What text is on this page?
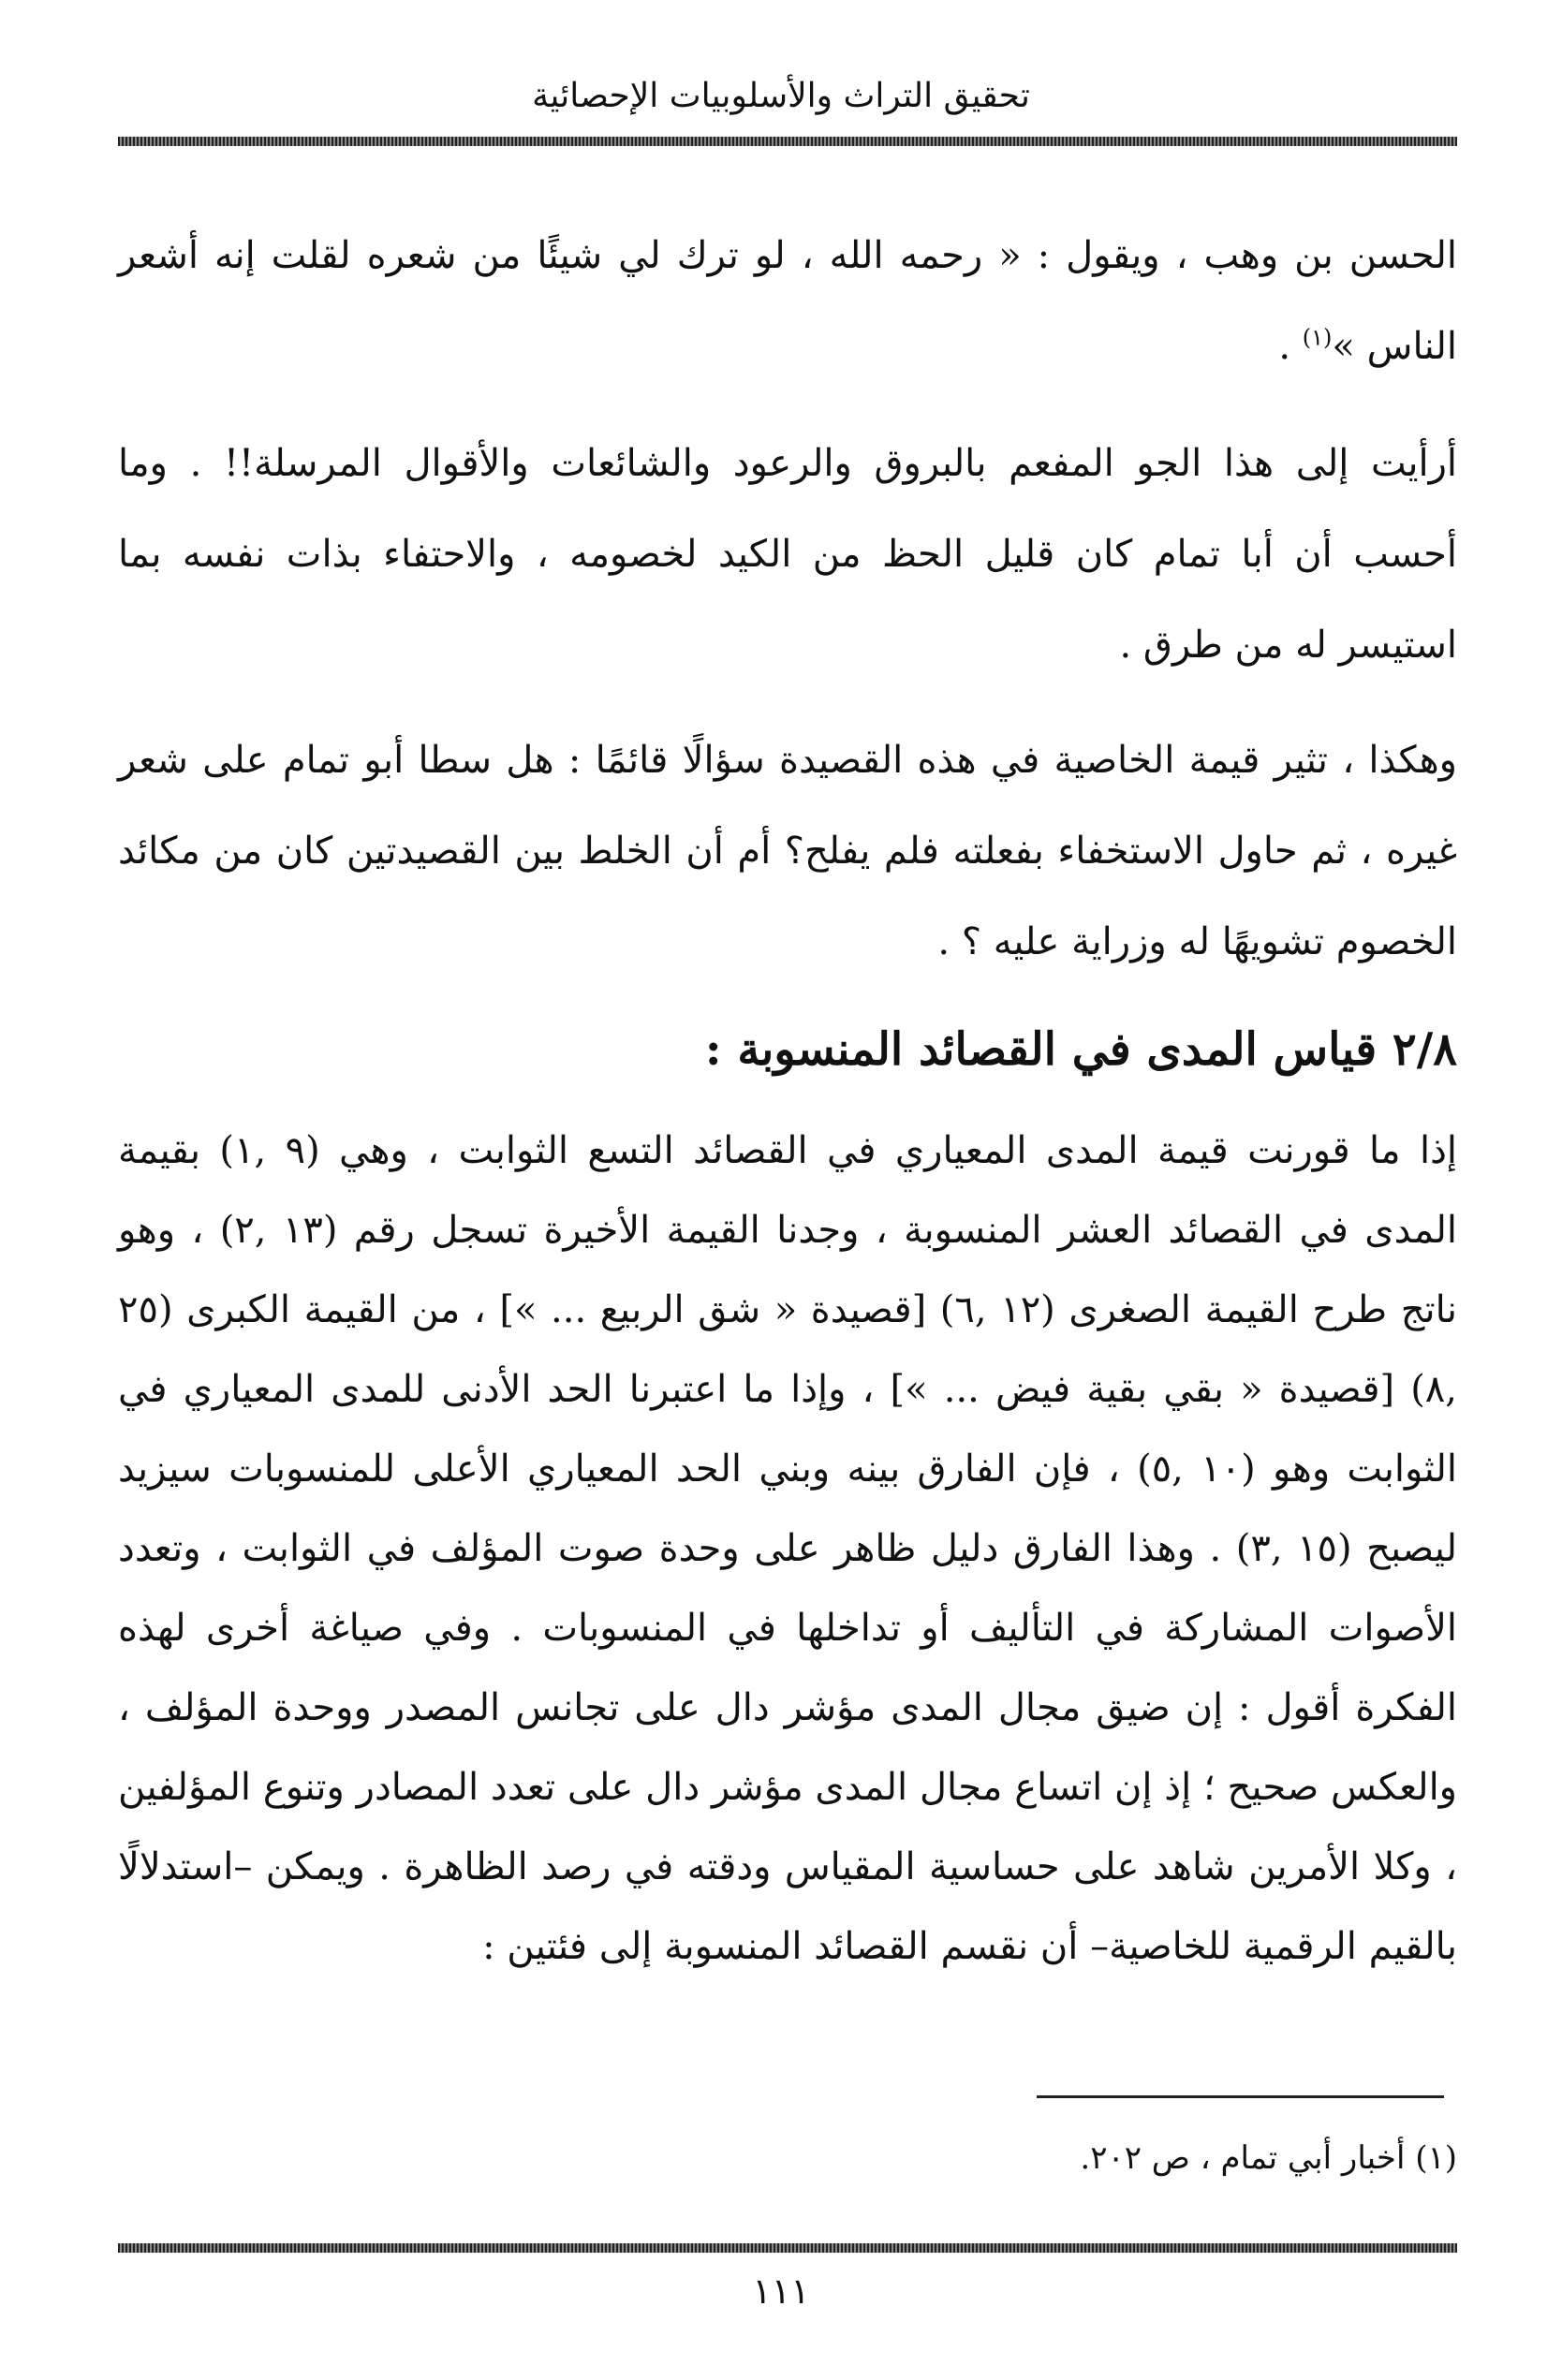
تحقيق التراث والأسلوبيات الإحصائية

الحسن بن وهب ، ويقول : « رحمه الله ، لو ترك لي شيئًا من شعره لقلت إنه أشعر الناس »$^{(١)}$ .

أرأيت إلى هذا الجو المفعم بالبروق والرعود والشائعات والأقوال المرسلة!! . وما أحسب أن أبا تمام كان قليل الحظ من الكيد لخصومه ، والاحتفاء بذات نفسه بما استيسر له من طرق .

وهكذا ، تثير قيمة الخاصية في هذه القصيدة سؤالًا قائمًا : هل سطا أبو تمام على شعر غيره ، ثم حاول الاستخفاء بفعلته فلم يفلح؟ أم أن الخلط بين القصيدتين كان من مكائد الخصوم تشويهًا له وزراية عليه ؟ .

٢/٨ قياس المدى في القصائد المنسوبة :

إذا ما قورنت قيمة المدى المعياري في القصائد التسع الثوابت ، وهي (٩ ,١) بقيمة المدى في القصائد العشر المنسوبة ، وجدنا القيمة الأخيرة تسجل رقم (١٣ ,٢) ، وهو ناتج طرح القيمة الصغرى (١٢ ,٦) [قصيدة « شق الربيع ... »] ، من القيمة الكبرى (٢٥ ,٨) [قصيدة « بقي بقية فيض ... »] ، وإذا ما اعتبرنا الحد الأدنى للمدى المعياري في الثوابت وهو (١٠ ,٥) ، فإن الفارق بينه وبني الحد المعياري الأعلى للمنسوبات سيزيد ليصبح (١٥ ,٣) . وهذا الفارق دليل ظاهر على وحدة صوت المؤلف في الثوابت ، وتعدد الأصوات المشاركة في التأليف أو تداخلها في المنسوبات . وفي صياغة أخرى لهذه الفكرة أقول : إن ضيق مجال المدى مؤشر دال على تجانس المصدر ووحدة المؤلف ، والعكس صحيح ؛ إذ إن اتساع مجال المدى مؤشر دال على تعدد المصادر وتنوع المؤلفين ، وكلا الأمرين شاهد على حساسية المقياس ودقته في رصد الظاهرة . ويمكن –استدلالًا بالقيم الرقمية للخاصية– أن نقسم القصائد المنسوبة إلى فئتين :

(١) أخبار أبي تمام ، ص ٢٠٢.
١١١
